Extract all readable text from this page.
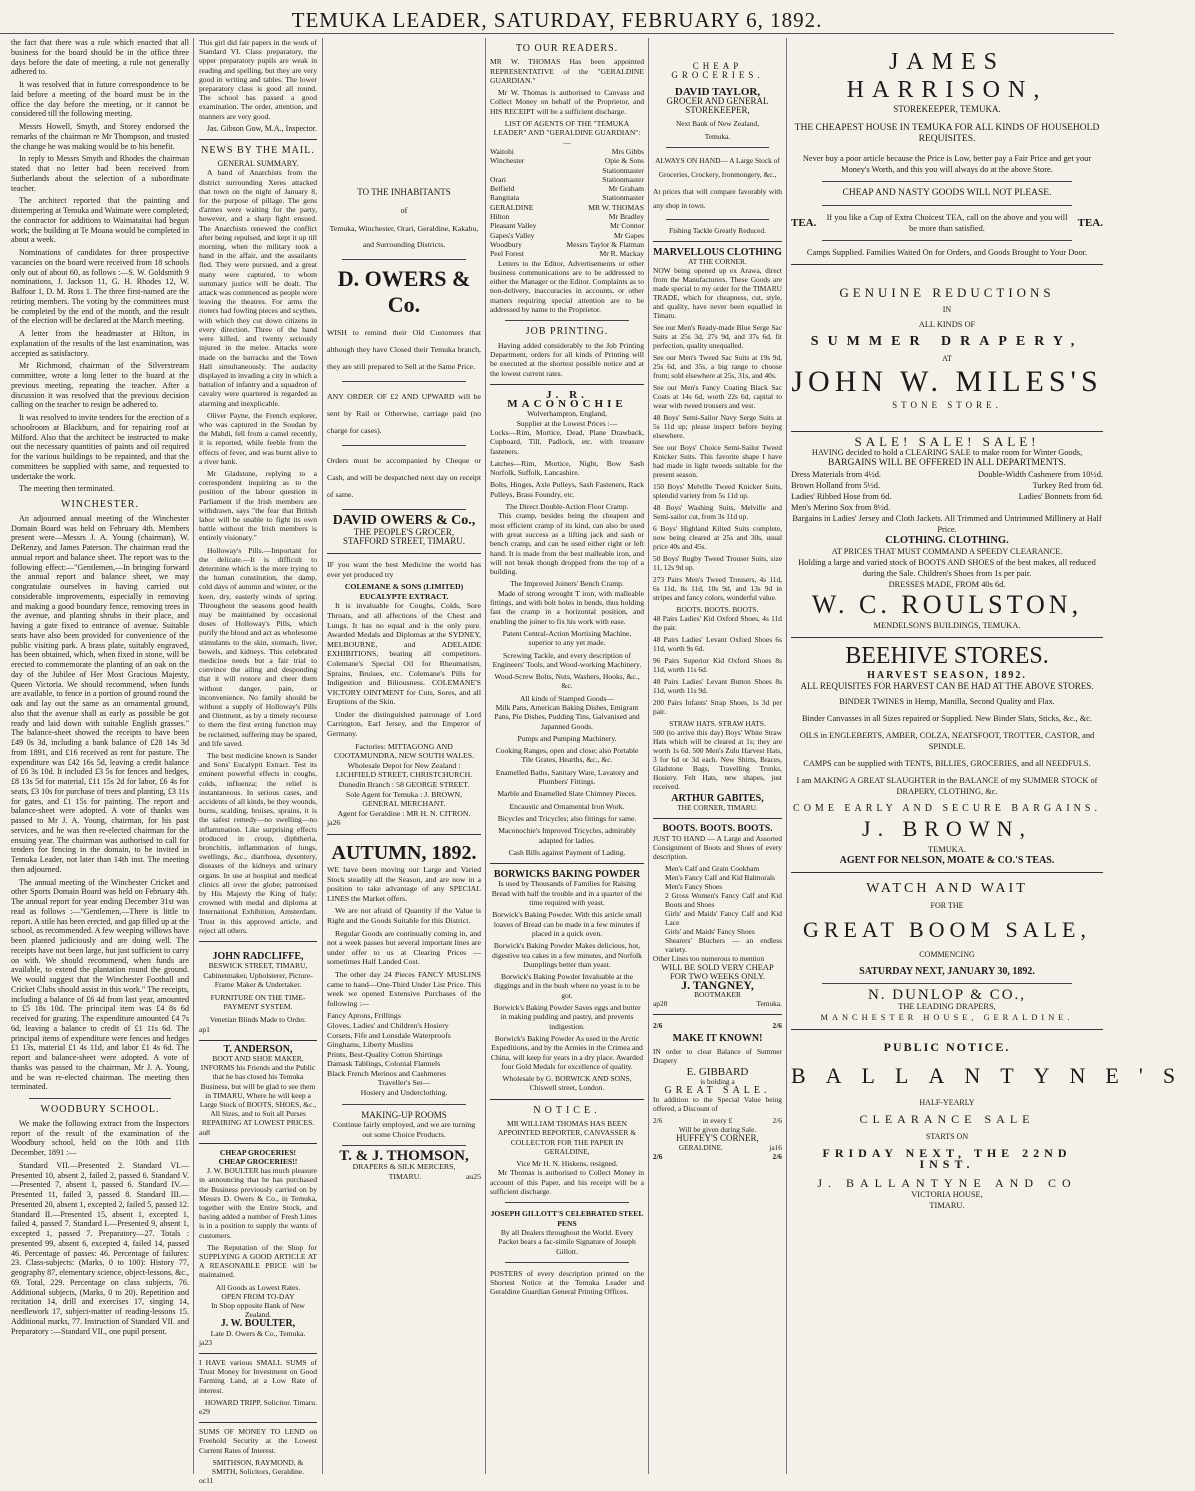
TEMUKA LEADER, SATURDAY, FEBRUARY 6, 1892.

the fact that there was a rule which enacted that all business for the board should be in the office three days before the date of meeting, a rule not generally adhered to.

It was resolved that in future correspondence to be laid before a meeting of the board must be in the office the day before the meeting, or it cannot be considered till the following meeting.

Messrs Howell, Smyth, and Storey endorsed the remarks of the chairman re Mr Thompson, and trusted the change he was making would be to his benefit.

In reply to Messrs Smyth and Rhodes the chairman stated that no letter had been received from Sutherlands about the selection of a subordinate teacher.

The architect reported that the painting and distempering at Temuka and Waimate were completed; the contractor for additions to Waimataitai had begun work; the building at Te Moana would be completed in about a week.

Nominations of candidates for three prospective vacancies on the board were received from 18 schools only out of about 60, as follows :—S. W. Goldsmith 9 nominations, J. Jackson 11, G. H. Rhodes 12, W. Balfour 1, D. M. Ross 1. The three first-named are the retiring members. The voting by the committees must be completed by the end of the month, and the result of the election will be declared at the March meeting.

A letter from the headmaster at Hilton, in explanation of the results of the last examination, was accepted as satisfactory.

Mr Richmond, chairman of the Silverstream committee, wrote a long letter to the board at the previous meeting, repeating the teacher. After a discussion it was resolved that the previous decision calling on the teacher to resign be adhered to.

It was resolved to invite tenders for the erection of a schoolroom at Blackburn, and for repairing roof at Milford. Also that the architect be instructed to make out the necessary quantities of paints and oil required for the various buildings to be repainted, and that the committees be supplied with same, and requested to undertake the work.

The meeting then terminated.

WINCHESTER.

An adjourned annual meeting of the Winchester Domain Board was held on February 4th. Members present were—Messrs J. A. Young (chairman), W. DeRenzy, and James Paterson. The chairman read the annual report and balance sheet. The report was to the following effect:—"Gentlemen,—In bringing forward the annual report and balance sheet, we may congratulate ourselves in having carried out considerable improvements, especially in removing and making a good boundary fence, removing trees in the avenue, and planting shrubs in their place, and having a gate fixed to entrance of avenue. Suitable seats have also been provided for convenience of the public visiting park. A brass plate, suitably engraved, has been obtained, which, when fixed in stone, will be erected to commemorate the planting of an oak on the day of the Jubilee of Her Most Gracious Majesty, Queen Victoria. We should recommend, when funds are available, to fence in a portion of ground round the oak and lay out the same as an ornamental ground, also that the avenue shall as early as possible be got ready and laid down with suitable English grasses." The balance-sheet showed the receipts to have been £49 0s 3d, including a bank balance of £28 14s 3d from 1891, and £16 received as rent for pasture. The expenditure was £42 16s 5d, leaving a credit balance of £6 3s 10d. It included £3 5s for fences and hedges, £8 13s 5d for material, £11 15s 2d for labor, £6 4s for seats, £3 10s for purchase of trees and planting, £3 11s for gates, and £1 15s for painting. The report and balance-sheet were adopted. A vote of thanks was passed to Mr J. A. Young, chairman, for his past services, and he was then re-elected chairman for the ensuing year. The chairman was authorised to call for tenders for fencing in the domain, to be invited in Temuka Leader, not later than 14th inst. The meeting then adjourned.

The annual meeting of the Winchester Cricket and other Sports Domain Board was held on February 4th. The annual report for year ending December 31st was read as follows :—"Gentlemen,—There is little to report. A stile has been erected, and gap filled up at the school, as recommended. A few weeping willows have been planted judiciously and are doing well. The receipts have not been large, but just sufficient to carry on with. We should recommend, when funds are available, to extend the plantation round the ground. We would suggest that the Winchester Football and Cricket Clubs should assist in this work." The receipts, including a balance of £6 4d from last year, amounted to £5 18s 10d. The principal item was £4 8s 6d received for grazing. The expenditure amounted £4 7s 6d, leaving a balance to credit of £1 11s 6d. The principal items of expenditure were fences and hedges £1 13s, material £1 4s 11d, and labor £1 4s 6d. The report and balance-sheet were adopted. A vote of thanks was passed to the chairman, Mr J. A. Young, and he was re-elected chairman. The meeting then terminated.

WOODBURY SCHOOL.

We make the following extract from the Inspectors report of the result of the examination of the Woodbury school, held on the 10th and 11th December, 1891 :—

Standard VII.—Presented 2. Standard VI.—Presented 10, absent 2, failed 2, passed 6. Standard V.—Presented 7, absent 1, passed 6. Standard IV.—Presented 11, failed 3, passed 8. Standard III.—Presented 20, absent 1, excepted 2, failed 5, passed 12. Standard II.—Presented 15, absent 1, excepted 1, failed 4, passed 7. Standard I.—Presented 9, absent 1, excepted 1, passed 7. Preparatory—27. Totals : presented 99, absent 6, excepted 4, failed 14, passed 46. Percentage of passes: 46. Percentage of failures: 23. Class-subjects: (Marks, 0 to 100): History 77, geography 87, elementary science, object-lessons, &c., 69. Total, 229. Percentage on class subjects, 76. Additional subjects, (Marks, 0 to 20). Repetition and recitation 14, drill and exercises 17, singing 14, needlework 17, subject-matter of reading-lessons 15. Additional marks, 77. Instruction of Standard VII. and Preparatory :—Standard VII., one pupil present.

This girl did fair papers in the work of Standard VI. Class preparatory, the upper preparatory pupils are weak in reading and spelling, but they are very good in writing and tables. The lower preparatory class is good all round. The school has passed a good examination. The order, attention, and manners are very good.

Jas. Gibson Gow, M.A., Inspector.
NEWS BY THE MAIL.
GENERAL SUMMARY.

A band of Anarchists from the district surrounding Xeres attacked that town on the night of January 8, for the purpose of pillage. The gens d'armes were waiting for the party, however, and a sharp fight ensued. The Anarchists renewed the conflict after being repulsed, and kept it up till morning, when the military took a hand in the affair, and the assailants fled. They were pursued, and a great many were captured, to whom summary justice will be dealt. The attack was commenced as people were leaving the theatres. For arms the rioters had fowling pieces and scythes, with which they cut down citizens in every direction. Three of the band were killed, and twenty seriously injured in the melee. Attacks were made on the barracks and the Town Hall simultaneously. The audacity displayed in invading a city in which a battalion of infantry and a squadron of cavalry were quartered is regarded as alarming and inexplicable.

Oliver Payne, the French explorer, who was captured in the Soudan by the Mahdi, fell from a camel recently, it is reported, while feeble from the effects of fever, and was burnt alive to a river bank.

Mr Gladstone, replying to a correspondent inquiring as to the position of the labour question in Parliament if the Irish members are withdrawn, says "the fear that British labor will be unable to fight its own battle without the Irish members is entirely visionary."

Holloway's Pills.—Important for the delicate.—It is difficult to determine which is the more trying to the human constitution, the damp, cold days of autumn and winter, or the keen, dry, easterly winds of spring. Throughout the seasons good health may be maintained by occasional doses of Holloway's Pills, which purify the blood and act as wholesome stimulants to the skin, stomach, liver, bowels, and kidneys. This celebrated medicine needs but a fair trial to convince the ailing and desponding that it will restore and cheer them without danger, pain, or inconvenience. No family should be without a supply of Holloway's Pills and Ointment, as by a timely recourse to them the first erring function may be reclaimed, suffering may be spared, and life saved.

The best medicine known is Sander and Sons' Eucalypti Extract. Test its eminent powerful effects in coughs, colds, influenza; the relief is instantaneous. In serious cases, and accidents of all kinds, be they wounds, burns, scalding, bruises, sprains, it is the safest remedy—no swelling—no inflammation. Like surprising effects produced in croup, diphtheria, bronchitis, inflammation of lungs, swellings, &c., diarrhoea, dysentery, diseases of the kidneys and urinary organs. In use at hospital and medical clinics all over the globe; patronised by His Majesty the King of Italy; crowned with medal and diploma at International Exhibition, Amsterdam. Trust in this approved article, and reject all others.

JOHN RADCLIFFE,
BESWICK STREET, TIMARU,
Cabinetmaker, Upholsterer, Picture-Frame Maker & Undertaker.
FURNITURE ON THE TIME-PAYMENT SYSTEM.
Venetian Blinds Made to Order.
ap1
T. ANDERSON,
BOOT AND SHOE MAKER,
INFORMS his Friends and the Public that he has closed his Temuka Business, but will be glad to see them in TIMARU, Where he will keep a Large Stock of BOOTS, SHOES, &c., All Sizes, and to Suit all Purses
REPAIRING AT LOWEST PRICES.
au8
CHEAP GROCERIES!
CHEAP GROCERIES!!

J. W. BOULTER has much pleasure in announcing that he has purchased the Business previously carried on by Messrs D. Owers & Co., in Temuka, together with the Entire Stock, and having added a number of Fresh Lines is in a position to supply the wants of customers.

The Reputation of the Shop for SUPPLYING A GOOD ARTICLE AT A REASONABLE PRICE will be maintained.

All Goods as Lowest Rates.
OPEN FROM TO-DAY
In Shop opposite Bank of New Zealand.
J. W. BOULTER,
Late D. Owers & Co., Temuka.
ja23

I HAVE various SMALL SUMS of Trust Money for Investment on Good Farming Land, at a Low Rate of interest.

HOWARD TRIPP, Solicitor. Timaru.
e29

SUMS OF MONEY TO LEND on Freehold Security at the Lowest Current Rates of Interest.

SMITHSON, RAYMOND, & SMITH, Solicitors, Geraldine.
oc11
TO THE INHABITANTS
of
Temuka, Winchester, Orari, Geraldine, Kakahu, and Surrounding Districts.
D. OWERS & Co.

WISH to remind their Old Customers that although they have Closed their Temuka branch, they are still prepared to Sell at the Same Price.

ANY ORDER OF £2 AND UPWARD will be sent by Rail or Otherwise, carriage paid (no charge for cases).

Orders must be accompanied by Cheque or Cash, and will be despatched next day on receipt of same.

DAVID OWERS & Co.,
THE PEOPLE'S GROCER,
STAFFORD STREET, TIMARU.

IF you want the best Medicine the world has ever yet produced try

COLEMANE & SONS (LIMITED) EUCALYPTE EXTRACT.

It is invaluable for Coughs, Colds, Sore Throats, and all affections of the Chest and Lungs. It has no equal and is the only pure. Awarded Medals and Diplomas at the SYDNEY, MELBOURNE, and ADELAIDE EXHIBITIONS, beating all competitors. Colemane's Special Oil for Rheumatism, Sprains, Bruises, etc. Colemane's Pills for Indigestion and Biliousness. COLEMANE'S VICTORY OINTMENT for Cuts, Sores, and all Eruptions of the Skin.

Under the distinguished patronage of Lord Carrington, Earl Jersey, and the Emperor of Germany.

Factories: MITTAGONG AND COOTAMUNDRA, NEW SOUTH WALES.
Wholesale Depot for New Zealand : LICHFIELD STREET, CHRISTCHURCH.
Dunedin Branch : 58 GEORGE STREET.
Sole Agent for Temuka : J. BROWN, GENERAL MERCHANT.
Agent for Geraldine : MR H. N. CITRON.
ja26
AUTUMN, 1892.

WE have been moving our Large and Varied Stock steadily all the Season, and are now in a position to take advantage of any SPECIAL LINES the Market offers.

We are not afraid of Quantity if the Value is Right and the Goods Suitable for this District.

Regular Goods are continually coming in, and not a week passes but several important lines are under offer to us at Clearing Prices — sometimes Half Landed Cost.

The other day 24 Pieces FANCY MUSLINS came to hand—One-Third Under List Price. This week we opened Extensive Purchases of the following :—

Fancy Aprons, Frillings
Gloves, Ladies' and Children's Hosiery
Corsets, Fife and Lonsdale Waterproofs
Ginghams, Liberty Muslins
Prints, Best-Quality Cotton Shirtings
Damask Tablings, Colonial Flannels
Black French Merinos and Cashmeres
Traveller's Set—
Hosiery and Underclothing.
MAKING-UP ROOMS
Continue fairly employed, and we are turning out some Choice Products.
T. & J. THOMSON,
DRAPERS & SILK MERCERS,
TIMARU.	au25
TO OUR READERS.

MR W. THOMAS Has been appointed REPRESENTATIVE of the "GERALDINE GUARDIAN."

Mr W. Thomas is authorised to Canvass and Collect Money on behalf of the Proprietor, and HIS RECEIPT will be a sufficient discharge.

LIST OF AGENTS OF THE "TEMUKA LEADER" AND "GERALDINE GUARDIAN":—
Waitohi	Mrs Gibbs
Winchester	Opie & Sons
Stationmaster
Orari	Stationmaster
Belfield	Mr Graham
Rangitata	Stationmaster
GERALDINE	MR W. THOMAS
Hilton	Mr Bradley
Pleasant Valley	Mr Connor
Gapes's Valley	Mr Gapes
Woodbury	Messrs Taylor & Flatman
Peel Forest	Mr R. Mackay

Letters to the Editor, Advertisements or other business communications are to be addressed to either the Manager or the Editor. Complaints as to non-delivery, inaccuracies in accounts, or other matters requiring special attention are to be addressed by name to the Proprietor.

JOB PRINTING.

Having added considerably to the Job Printing Department, orders for all kinds of Printing will be executed at the shortest possible notice and at the lowest current rates.

J. R. MACONOCHIE
Wolverhampton, England,
Supplier at the Lowest Prices :—

Locks—Rim, Mortice, Dead, Plane Drawback, Cupboard, Till, Padlock, etc. with treasure fasteners.

Latches—Rim, Mortice, Night, Bow Sash Norfolk, Suffolk, Lancashire.

Bolts, Hinges, Axle Pulleys, Sash Fasteners, Rack Pulleys, Brass Foundry, etc.

The Direct Double-Action Floor Cramp.

This cramp, besides being the cheapest and most efficient cramp of its kind, can also be used with great success as a lifting jack and sash or bench cramp, and can be used either right or left hand. It is made from the best malleable iron, and will not break though dropped from the top of a building.

The Improved Joiners' Bench Cramp.

Made of strong wrought T iron, with malleable fittings, and with bolt holes in bends, thus holding fast the cramp in a horizontal position, and enabling the joiner to fix his work with ease.

Patent Central-Action Mortising Machine, superior to any yet made.

Screwing Tackle, and every description of Engineers' Tools, and Wood-working Machinery.

Wood-Screw Bolts, Nuts, Washers, Hooks, &c., &c.

All kinds of Stamped Goods—

Milk Pans, American Baking Dishes, Emigrant Pans, Pie Dishes, Pudding Tins, Galvanised and Japanned Goods.

Pumps and Pumping Machinery.

Cooking Ranges, open and close; also Portable Tile Grates, Hearths, &c., &c.

Enamelled Baths, Sanitary Ware, Lavatory and Plumbers' Fittings.

Marble and Enamelled Slate Chimney Pieces.

Encaustic and Ornamental Iron Work.

Bicycles and Tricycles; also fittings for same.

Maconochie's Improved Tricycles, admirably adapted for ladies.

Cash Bills against Payment of Lading.

BORWICKS BAKING POWDER

Is used by Thousands of Families for Raising Bread with half the trouble and in a quarter of the time required with yeast.

Borwick's Baking Powder. With this article small loaves of Bread can be made in a few minutes if placed in a quick oven.

Borwick's Baking Powder Makes delicious, hot, digestive tea cakes in a few minutes, and Norfolk Dumplings better than yeast.

Borwick's Baking Powder Invaluable at the diggings and in the bush where no yeast is to be got.

Borwick's Baking Powder Saves eggs and butter in making pudding and pastry, and prevents indigestion.

Borwick's Baking Powder As used in the Arctic Expeditions, and by the Armies in the Crimea and China, will keep for years in a dry place. Awarded four Gold Medals for excellence of quality.

Wholesale by G. BORWICK AND SONS, Chiswell street, London.

NOTICE.

MR WILLIAM THOMAS HAS BEEN APPOINTED REPORTER, CANVASSER & COLLECTOR FOR THE PAPER IN GERALDINE,

Vice Mr H. N. Hiskens, resigned.

Mr Thomas is authorised to Collect Money in account of this Paper, and his receipt will be a sufficient discharge.

JOSEPH GILLOTT'S CELEBRATED STEEL PENS

By all Dealers throughout the World. Every Packet bears a fac-simile Signature of Joseph Gillott.

POSTERS of every description printed on the Shortest Notice at the Temuka Leader and Geraldine Guardian General Printing Offices.

CHEAP GROCERIES.
DAVID TAYLOR,
GROCER AND GENERAL STOREKEEPER,
Next Bank of New Zealand,
Temuka.

ALWAYS ON HAND— A Large Stock of Groceries, Crockery, Ironmongery, &c.,

At prices that will compare favorably with any shop in town.

Fishing Tackle Greatly Reduced.
MARVELLOUS CLOTHING
AT THE CORNER.

NOW being opened up ex Arawa, direct from the Manufacturers. These Goods are made special to my order for the TIMARU TRADE, which for cheapness, cut, style, and quality, have never been equalled in Timaru.

See our Men's Ready-made Blue Serge Sac Suits at 25s 3d, 27s 9d, and 37s 6d, fit perfection, quality unequalled.

See our Men's Tweed Sac Suits at 19s 9d, 25s 6d, and 35s, a big range to choose from; sold elsewhere at 25s, 31s, and 40s.

See our Men's Fancy Coating Black Sac Coats at 14s 6d, worth 22s 6d, capital to wear with tweed trousers and vest.

48 Boys' Semi-Sailor Navy Serge Suits at 5s 11d up; please inspect before buying elsewhere.

See our Boys' Choice Semi-Sailor Tweed Knicker Suits. This favorite shape I have had made in light tweeds suitable for the present season.

150 Boys' Melville Tweed Knicker Suits, splendid variety from 5s 11d up.

48 Boys' Washing Suits, Melville and Semi-sailor cut, from 3s 11d up.

6 Boys' Highland Kilted Suits complete, now being cleared at 25s and 30s, usual price 40s and 45s.

50 Boys' Rugby Tweed Trouser Suits, size 11, 12s 9d up.

273 Pairs Men's Tweed Trousers, 4s 11d, 6s 11d, 8s 11d, 10s 9d, and 13s 9d in stripes and fancy colors, wonderful value.

BOOTS. BOOTS. BOOTS.

48 Pairs Ladies' Kid Oxford Shoes, 4s 11d the pair.

48 Pairs Ladies' Levant Oxford Shoes 6s 11d, worth 9s 6d.

96 Pairs Superior Kid Oxford Shoes 8s 11d, worth 11s 6d.

48 Pairs Ladies' Levant Button Shoes 8s 11d, worth 11s 9d.

200 Pairs Infants' Strap Shoes, 1s 3d per pair.

STRAW HATS. STRAW HATS.

500 (to arrive this day) Boys' White Straw Hats which will be cleared at 1s; they are worth 1s 6d. 500 Men's Zulu Harvest Hats, 3 for 6d or 3d each. New Shirts, Braces, Gladstone Bags, Travelling Trunks, Hosiery. Felt Hats, new shapes, just received.

ARTHUR GABITES,
THE CORNER, TIMARU.
BOOTS. BOOTS. BOOTS.

JUST TO HAND — A Large and Assorted Consignment of Boots and Shoes of every description.

Men's Calf and Grain Cookham
Men's Fancy Calf and Kid Balmorals
Men's Fancy Shoes
2 Gross Women's Fancy Calf and Kid Boots and Shoes
Girls' and Maids' Fancy Calf and Kid Lace
Girls' and Maids' Fancy Shoes
Shearers' Bluchers — an endless variety.
Other Lines too numerous to mention
WILL BE SOLD VERY CHEAP FOR TWO WEEKS ONLY.
J. TANGNEY,
BOOTMAKER
ap28	Temuka.
2/6	2/6
MAKE IT KNOWN!

IN order to clear Balance of Summer Drapery

E. GIBBARD
is holding a
GREAT SALE.

In addition to the Special Value being offered, a Discount of

2/6	in every £	2/6
Will be given during Sale.
HUFFEY'S CORNER,
GERALDINE.	ja16
2/6	2/6
JAMES HARRISON,
STOREKEEPER, TEMUKA.
THE CHEAPEST HOUSE IN TEMUKA FOR ALL KINDS OF HOUSEHOLD REQUISITES.
Never buy a poor article because the Price is Low, better pay a Fair Price and get your Money's Worth, and this you will always do at the above Store.
CHEAP AND NASTY GOODS WILL NOT PLEASE.
TEA.	If you like a Cup of Extra Choicest TEA, call on the above and you will be more than satisfied.	TEA.
Camps Supplied. Families Waited On for Orders, and Goods Brought to Your Door.
GENUINE REDUCTIONS
IN
ALL KINDS OF
SUMMER DRAPERY,
AT
JOHN W. MILES'S
STONE STORE.
SALE! SALE! SALE!
HAVING decided to hold a CLEARING SALE to make room for Winter Goods,
BARGAINS WILL BE OFFERED IN ALL DEPARTMENTS.
Dress Materials from 4½d.	Double-Width Cashmere from 10½d.
Brown Holland from 5½d.	Turkey Red from 6d.
Ladies' Ribbed Hose from 6d.	Ladies' Bonnets from 6d.
Men's Merino Sox from 8½d.
Bargains in Ladies' Jersey and Cloth Jackets. All Trimmed and Untrimmed Millinery at Half Price.
CLOTHING. CLOTHING.
AT PRICES THAT MUST COMMAND A SPEEDY CLEARANCE.
Holding a large and varied stock of BOOTS AND SHOES of the best makes, all reduced during the Sale. Children's Shoes from 1s per pair.
DRESSES MADE, FROM 40s 6d.
W. C. ROULSTON,
MENDELSON'S BUILDINGS, TEMUKA.
BEEHIVE STORES.
HARVEST SEASON, 1892.
ALL REQUISITES FOR HARVEST CAN BE HAD AT THE ABOVE STORES.
BINDER TWINES in Hemp, Manilla, Second Quality and Flax.
Binder Canvasses in all Sizes repaired or Supplied. New Binder Slats, Sticks, &c., &c.
OILS in ENGLEBERTS, AMBER, COLZA, NEATSFOOT, TROTTER, CASTOR, and SPINDLE.
CAMPS can be supplied with TENTS, BILLIES, GROCERIES, and all NEEDFULS.
I am MAKING A GREAT SLAUGHTER in the BALANCE of my SUMMER STOCK of DRAPERY, CLOTHING, &c.
COME EARLY AND SECURE BARGAINS.
J. BROWN,
TEMUKA.
AGENT FOR NELSON, MOATE & CO.'S TEAS.
WATCH AND WAIT
FOR THE
GREAT BOOM SALE,
COMMENCING
SATURDAY NEXT, JANUARY 30, 1892.
N. DUNLOP & CO.,
THE LEADING DRAPERS,
MANCHESTER HOUSE, GERALDINE.
PUBLIC NOTICE.
BALLANTYNE'S
HALF-YEARLY
CLEARANCE SALE
STARTS ON
FRIDAY NEXT, THE 22ND INST.
J. BALLANTYNE AND CO
VICTORIA HOUSE,
TIMARU.
